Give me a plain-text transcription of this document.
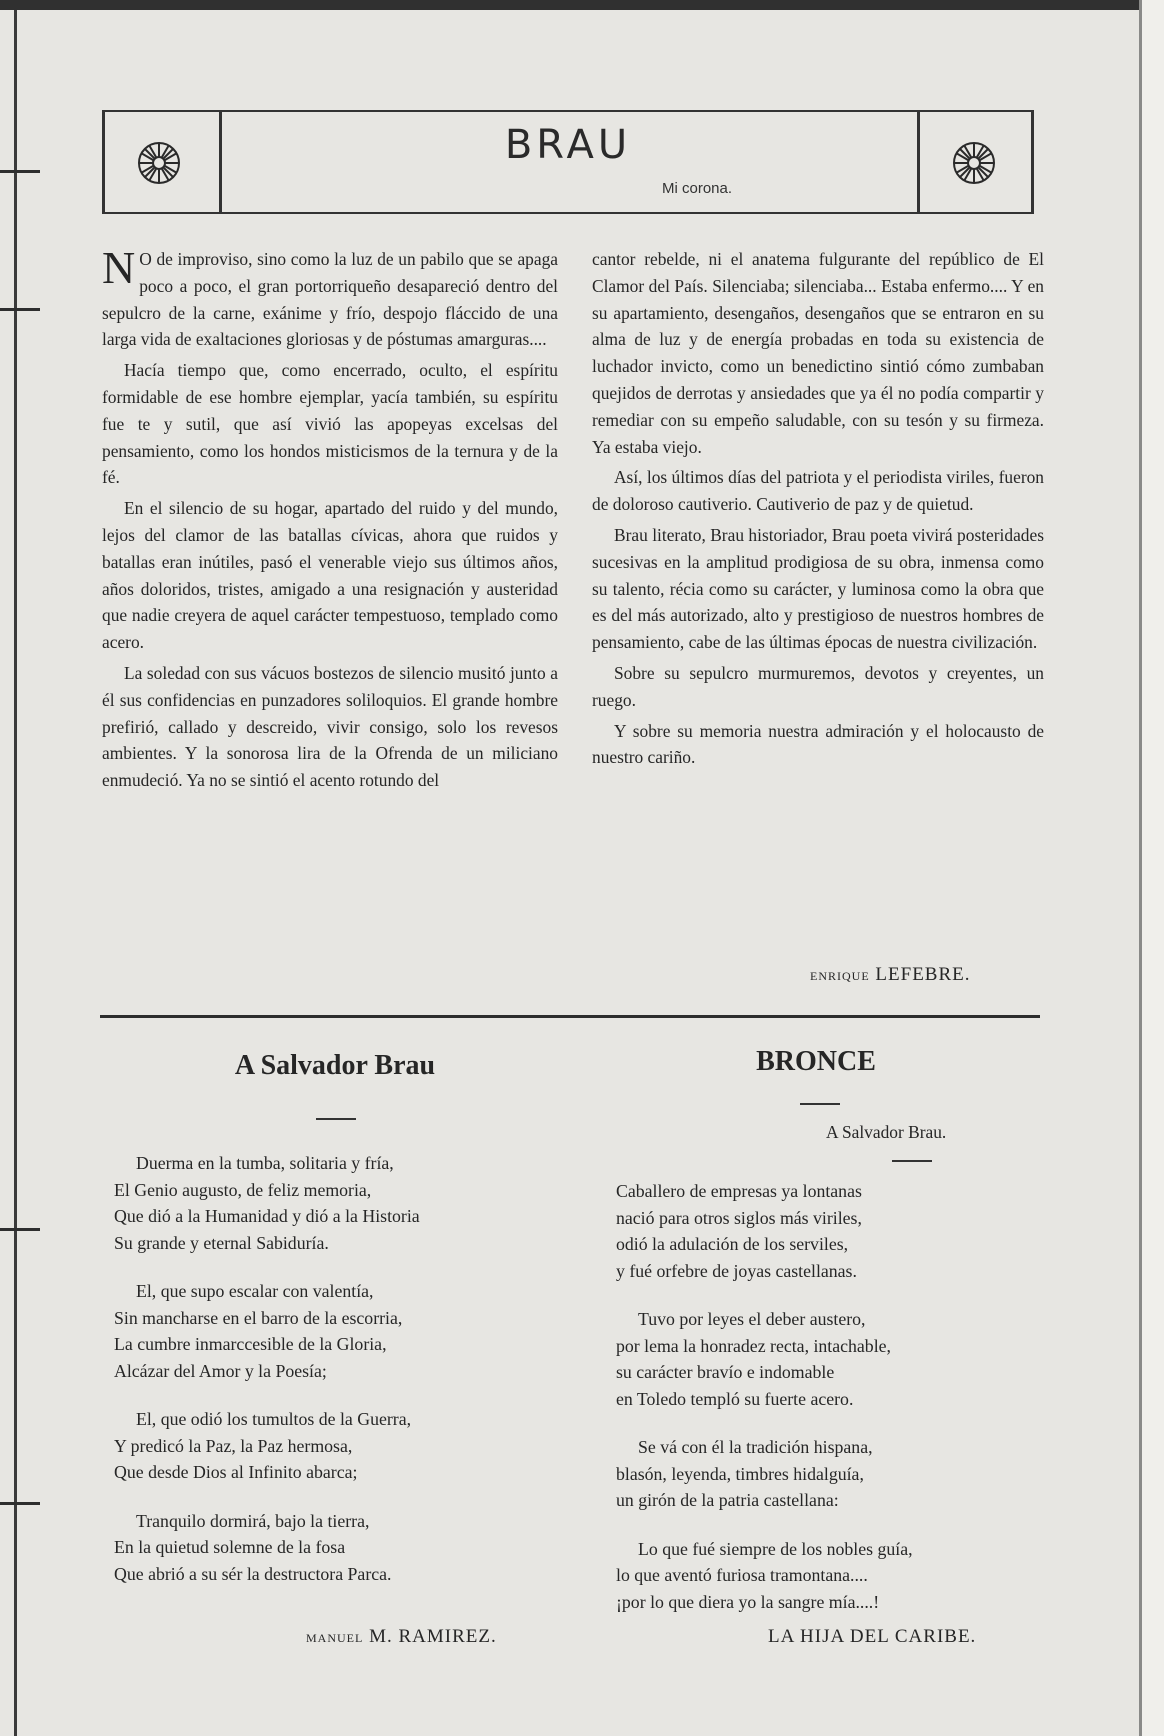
BRAU
Mi corona.

N O de improviso, sino como la luz de un pabilo que se apaga poco a poco, el gran portorriqueño desapareció dentro del sepulcro de la carne, exánime y frío, despojo fláccido de una larga vida de exaltaciones gloriosas y de póstumas amarguras....

Hacía tiempo que, como encerrado, oculto, el espíritu formidable de ese hombre ejemplar, yacía también, su espíritu fue te y sutil, que así vivió las apopeyas excelsas del pensamiento, como los hondos misticismos de la ternura y de la fé.

En el silencio de su hogar, apartado del ruido y del mundo, lejos del clamor de las batallas cívicas, ahora que ruidos y batallas eran inútiles, pasó el venerable viejo sus últimos años, años doloridos, tristes, amigado a una resignación y austeridad que nadie creyera de aquel carácter tempestuoso, templado como acero.

La soledad con sus vácuos bostezos de silencio musitó junto a él sus confidencias en punzadores soliloquios. El grande hombre prefirió, callado y descreido, vivir consigo, solo los revesos ambientes. Y la sonorosa lira de la Ofrenda de un miliciano enmudeció. Ya no se sintió el acento rotundo del

cantor rebelde, ni el anatema fulgurante del repúblico de El Clamor del País. Silenciaba; silenciaba... Estaba enfermo.... Y en su apartamiento, desengaños, desengaños que se entraron en su alma de luz y de energía probadas en toda su existencia de luchador invicto, como un benedictino sintió cómo zumbaban quejidos de derrotas y ansiedades que ya él no podía compartir y remediar con su empeño saludable, con su tesón y su firmeza. Ya estaba viejo.

Así, los últimos días del patriota y el periodista viriles, fueron de doloroso cautiverio. Cautiverio de paz y de quietud.

Brau literato, Brau historiador, Brau poeta vivirá posteridades sucesivas en la amplitud prodigiosa de su obra, inmensa como su talento, récia como su carácter, y luminosa como la obra que es del más autorizado, alto y prestigioso de nuestros hombres de pensamiento, cabe de las últimas épocas de nuestra civilización.

Sobre su sepulcro murmuremos, devotos y creyentes, un ruego.

Y sobre su memoria nuestra admiración y el holocausto de nuestro cariño.

ENRIQUE LEFEBRE.
A Salvador Brau
Duerma en la tumba, solitaria y fría,
El Genio augusto, de feliz memoria,
Que dió a la Humanidad y dió a la Historia
Su grande y eternal Sabiduría.
El, que supo escalar con valentía,
Sin mancharse en el barro de la escorria,
La cumbre inmarccesible de la Gloria,
Alcázar del Amor y la Poesía;
El, que odió los tumultos de la Guerra,
Y predicó la Paz, la Paz hermosa,
Que desde Dios al Infinito abarca;
Tranquilo dormirá, bajo la tierra,
En la quietud solemne de la fosa
Que abrió a su sér la destructora Parca.
MANUEL M. RAMIREZ.
BRONCE
A Salvador Brau.
Caballero de empresas ya lontanas
nació para otros siglos más viriles,
odió la adulación de los serviles,
y fué orfebre de joyas castellanas.
Tuvo por leyes el deber austero,
por lema la honradez recta, intachable,
su carácter bravío e indomable
en Toledo templó su fuerte acero.
Se vá con él la tradición hispana,
blasón, leyenda, timbres hidalguía,
un girón de la patria castellana:
Lo que fué siempre de los nobles guía,
lo que aventó furiosa tramontana....
¡por lo que diera yo la sangre mía....!
LA HIJA DEL CARIBE.
